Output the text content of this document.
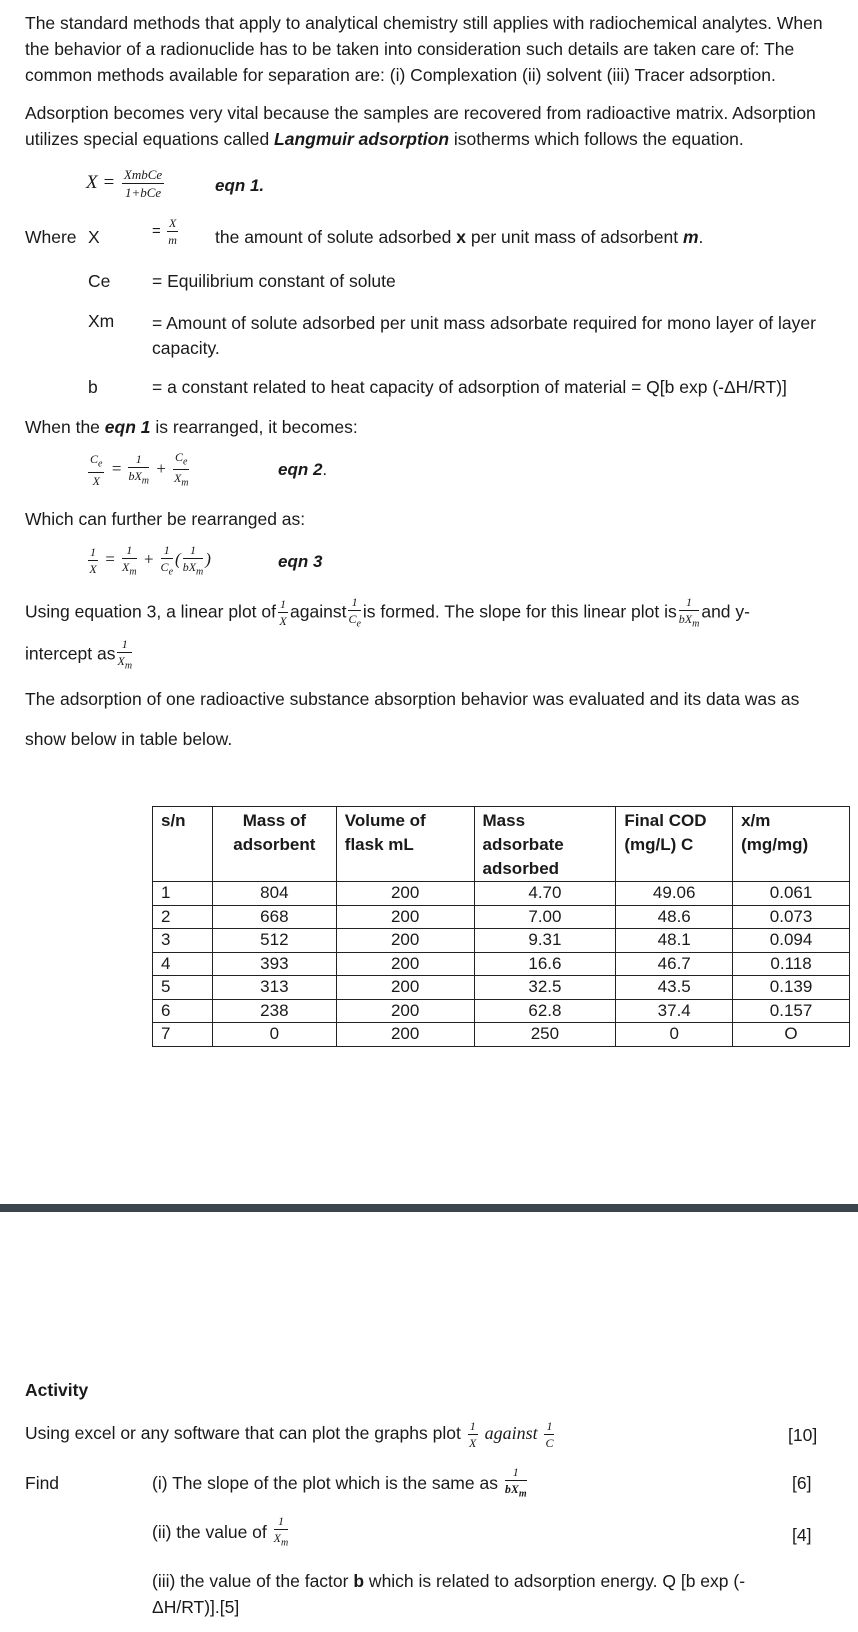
The standard methods that apply to analytical chemistry still applies with radiochemical analytes. When the behavior of a radionuclide has to be taken into consideration such details are taken care of: The common methods available for separation are: (i) Complexation (ii) solvent (iii) Tracer adsorption.
Adsorption becomes very vital because the samples are recovered from radioactive matrix. Adsorption utilizes special equations called Langmuir adsorption isotherms which follows the equation.
$X = \frac{\text{XmbCe}}{\text{1+bCe}}$	eqn 1.
Where X	= $\frac{X}{m}$ the amount of solute adsorbed x per unit mass of adsorbent m.
Ce = Equilibrium constant of solute
Xm = Amount of solute adsorbed per unit mass adsorbate required for mono layer of layer capacity.
b	= a constant related to heat capacity of adsorption of material = Q[b exp (-ΔH/RT)]
When the eqn 1 is rearranged, it becomes:
$\frac{C_e}{X} = \frac{1}{bX_m} + \frac{C_e}{X_m}$	eqn 2.
Which can further be rearranged as:
$\frac{1}{X} = \frac{1}{X_m} + \frac{1}{C_e}$ ( $\frac{1}{bX_m}$ )	eqn 3
Using equation 3, a linear plot of $\frac{1}{X}$ against $\frac{1}{C_e}$ is formed. The slope for this linear plot is $\frac{1}{bX_m}$ and y-
intercept as $\frac{1}{X_m}$
The adsorption of one radioactive substance absorption behavior was evaluated and its data was as
show below in table below.
s/n	Mass of adsorbent	Volume of flask mL	Mass adsorbate adsorbed	Final COD (mg/L) C	x/m (mg/mg)
1	804	200	4.70	49.06	0.061
2	668	200	7.00	48.6	0.073
3	512	200	9.31	48.1	0.094
4	393	200	16.6	46.7	0.118
5	313	200	32.5	43.5	0.139
6	238	200	62.8	37.4	0.157
7	0	200	250	0	O
Activity
Using excel or any software that can plot the graphs plot $\frac{1}{X}$ against $\frac{1}{C}$	[10]
Find	(i) The slope of the plot which is the same as $\frac{1}{bX_m}$	[6]
(ii) the value of $\frac{1}{X_m}$	[4]
(iii) the value of the factor b which is related to adsorption energy. Q [b exp (-ΔH/RT)].[5]
